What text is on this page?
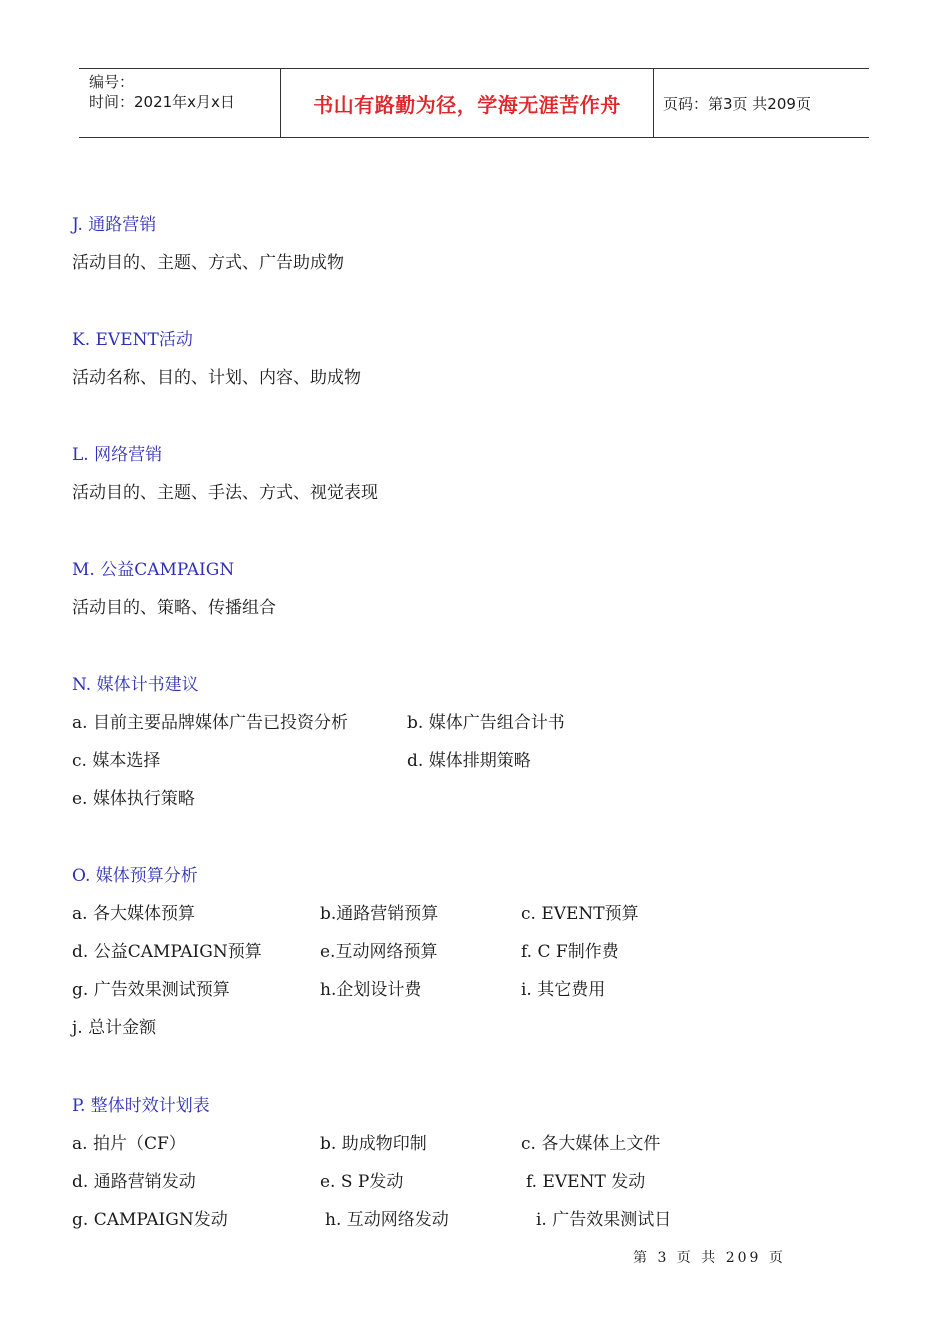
编号：
时间：2021年x月x日	书山有路勤为径，学海无涯苦作舟	页码：第3页 共209页
J. 通路营销
活动目的、主题、方式、广告助成物
K. EVENT活动
活动名称、目的、计划、内容、助成物
L. 网络营销
活动目的、主题、手法、方式、视觉表现
M. 公益CAMPAIGN
活动目的、策略、传播组合
N. 媒体计书建议
a. 目前主要品牌媒体广告已投资分析	b. 媒体广告组合计书
c. 媒本选择	d. 媒体排期策略
e. 媒体执行策略
O. 媒体预算分析
a. 各大媒体预算	b.通路营销预算	c. EVENT预算
d. 公益CAMPAIGN预算	e.互动网络预算	f. C F制作费
g. 广告效果测试预算	h.企划设计费	i. 其它费用
j. 总计金额
P. 整体时效计划表
a. 拍片（CF）	b. 助成物印制	c. 各大媒体上文件
d. 通路营销发动	e. S P发动	f. EVENT 发动
g. CAMPAIGN发动	h. 互动网络发动	i. 广告效果测试日
第 3 页 共 209 页
